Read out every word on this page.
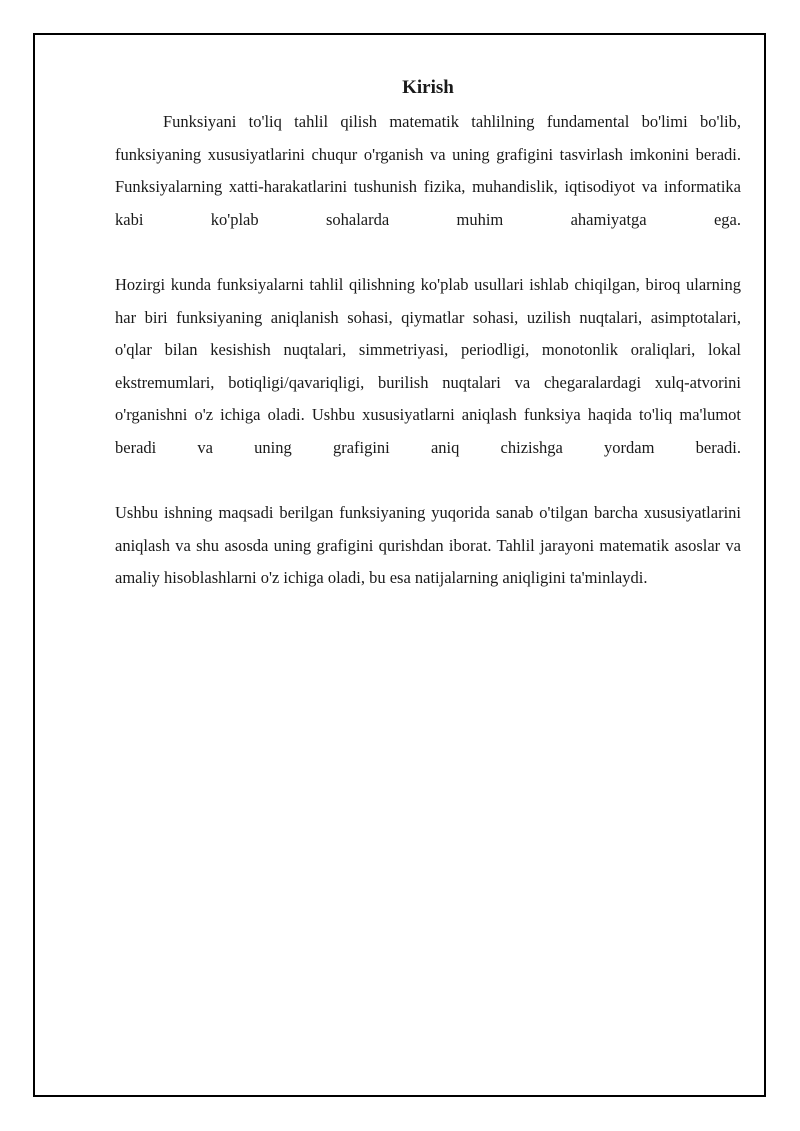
Kirish

Funksiyani to'liq tahlil qilish matematik tahlilning fundamental bo'limi bo'lib, funksiyaning xususiyatlarini chuqur o'rganish va uning grafigini tasvirlash imkonini beradi. Funksiyalarning xatti-harakatlarini tushunish fizika, muhandislik, iqtisodiyot va informatika kabi ko'plab sohalarda muhim ahamiyatga ega.

Hozirgi kunda funksiyalarni tahlil qilishning ko'plab usullari ishlab chiqilgan, biroq ularning har biri funksiyaning aniqlanish sohasi, qiymatlar sohasi, uzilish nuqtalari, asimptotalari, o'qlar bilan kesishish nuqtalari, simmetriyasi, periodligi, monotonlik oraliqlari, lokal ekstremumlari, botiqligi/qavariqligi, burilish nuqtalari va chegaralardagi xulq-atvorini o'rganishni o'z ichiga oladi. Ushbu xususiyatlarni aniqlash funksiya haqida to'liq ma'lumot beradi va uning grafigini aniq chizishga yordam beradi.

Ushbu ishning maqsadi berilgan funksiyaning yuqorida sanab o'tilgan barcha xususiyatlarini aniqlash va shu asosda uning grafigini qurishdan iborat. Tahlil jarayoni matematik asoslar va amaliy hisoblashlarni o'z ichiga oladi, bu esa natijalarning aniqligini ta'minlaydi.
